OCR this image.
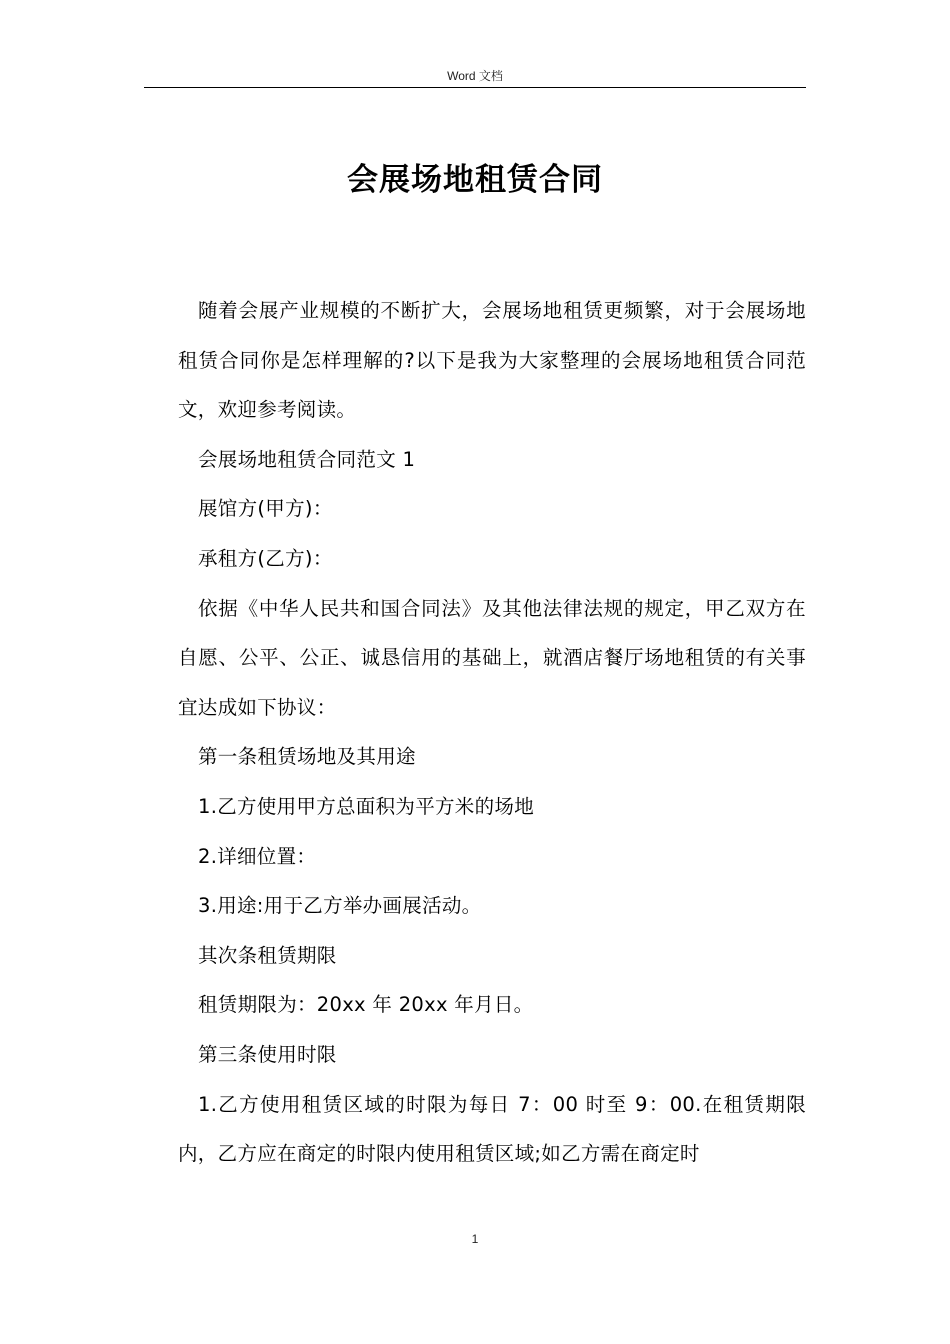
Word 文档
会展场地租赁合同

随着会展产业规模的不断扩大，会展场地租赁更频繁，对于会展场地租赁合同你是怎样理解的?以下是我为大家整理的会展场地租赁合同范文，欢迎参考阅读。

会展场地租赁合同范文 1

展馆方(甲方)：

承租方(乙方)：

依据《中华人民共和国合同法》及其他法律法规的规定，甲乙双方在自愿、公平、公正、诚恳信用的基础上，就酒店餐厅场地租赁的有关事宜达成如下协议：

第一条租赁场地及其用途

1.乙方使用甲方总面积为平方米的场地

2.详细位置：

3.用途:用于乙方举办画展活动。

其次条租赁期限

租赁期限为：20xx 年 20xx 年月日。

第三条使用时限

1.乙方使用租赁区域的时限为每日 7：00 时至 9：00.在租赁期限内，乙方应在商定的时限内使用租赁区域;如乙方需在商定时

1
